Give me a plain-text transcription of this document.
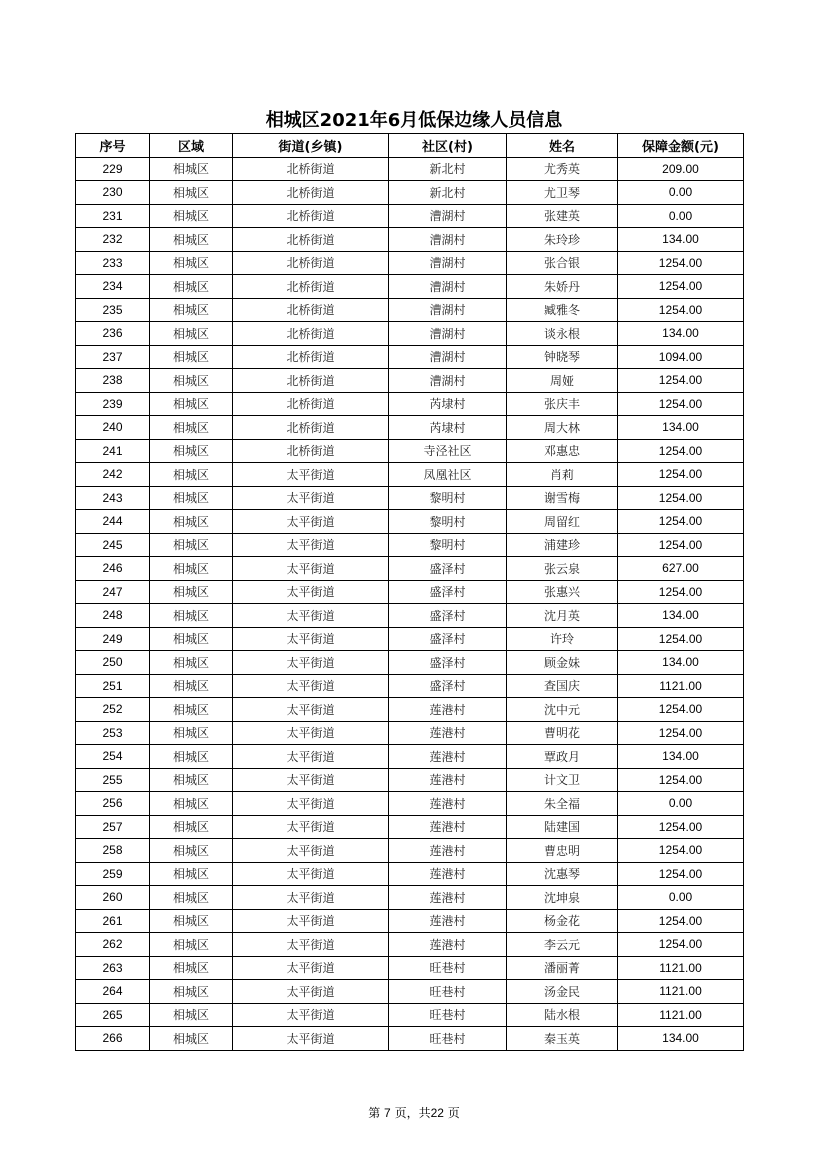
相城区2021年6月低保边缘人员信息
序号	区域	街道(乡镇)	社区(村)	姓名	保障金额(元)
229	相城区	北桥街道	新北村	尤秀英	209.00
230	相城区	北桥街道	新北村	尤卫琴	0.00
231	相城区	北桥街道	漕湖村	张建英	0.00
232	相城区	北桥街道	漕湖村	朱玲珍	134.00
233	相城区	北桥街道	漕湖村	张合银	1254.00
234	相城区	北桥街道	漕湖村	朱娇丹	1254.00
235	相城区	北桥街道	漕湖村	臧雅冬	1254.00
236	相城区	北桥街道	漕湖村	谈永根	134.00
237	相城区	北桥街道	漕湖村	钟晓琴	1094.00
238	相城区	北桥街道	漕湖村	周娅	1254.00
239	相城区	北桥街道	芮埭村	张庆丰	1254.00
240	相城区	北桥街道	芮埭村	周大林	134.00
241	相城区	北桥街道	寺泾社区	邓惠忠	1254.00
242	相城区	太平街道	凤凰社区	肖莉	1254.00
243	相城区	太平街道	黎明村	谢雪梅	1254.00
244	相城区	太平街道	黎明村	周留红	1254.00
245	相城区	太平街道	黎明村	浦建珍	1254.00
246	相城区	太平街道	盛泽村	张云泉	627.00
247	相城区	太平街道	盛泽村	张惠兴	1254.00
248	相城区	太平街道	盛泽村	沈月英	134.00
249	相城区	太平街道	盛泽村	许玲	1254.00
250	相城区	太平街道	盛泽村	顾金妹	134.00
251	相城区	太平街道	盛泽村	查国庆	1121.00
252	相城区	太平街道	莲港村	沈中元	1254.00
253	相城区	太平街道	莲港村	曹明花	1254.00
254	相城区	太平街道	莲港村	覃政月	134.00
255	相城区	太平街道	莲港村	计文卫	1254.00
256	相城区	太平街道	莲港村	朱全福	0.00
257	相城区	太平街道	莲港村	陆建国	1254.00
258	相城区	太平街道	莲港村	曹忠明	1254.00
259	相城区	太平街道	莲港村	沈惠琴	1254.00
260	相城区	太平街道	莲港村	沈坤泉	0.00
261	相城区	太平街道	莲港村	杨金花	1254.00
262	相城区	太平街道	莲港村	李云元	1254.00
263	相城区	太平街道	旺巷村	潘丽菁	1121.00
264	相城区	太平街道	旺巷村	汤金民	1121.00
265	相城区	太平街道	旺巷村	陆水根	1121.00
266	相城区	太平街道	旺巷村	秦玉英	134.00
第 7 页，共22 页
